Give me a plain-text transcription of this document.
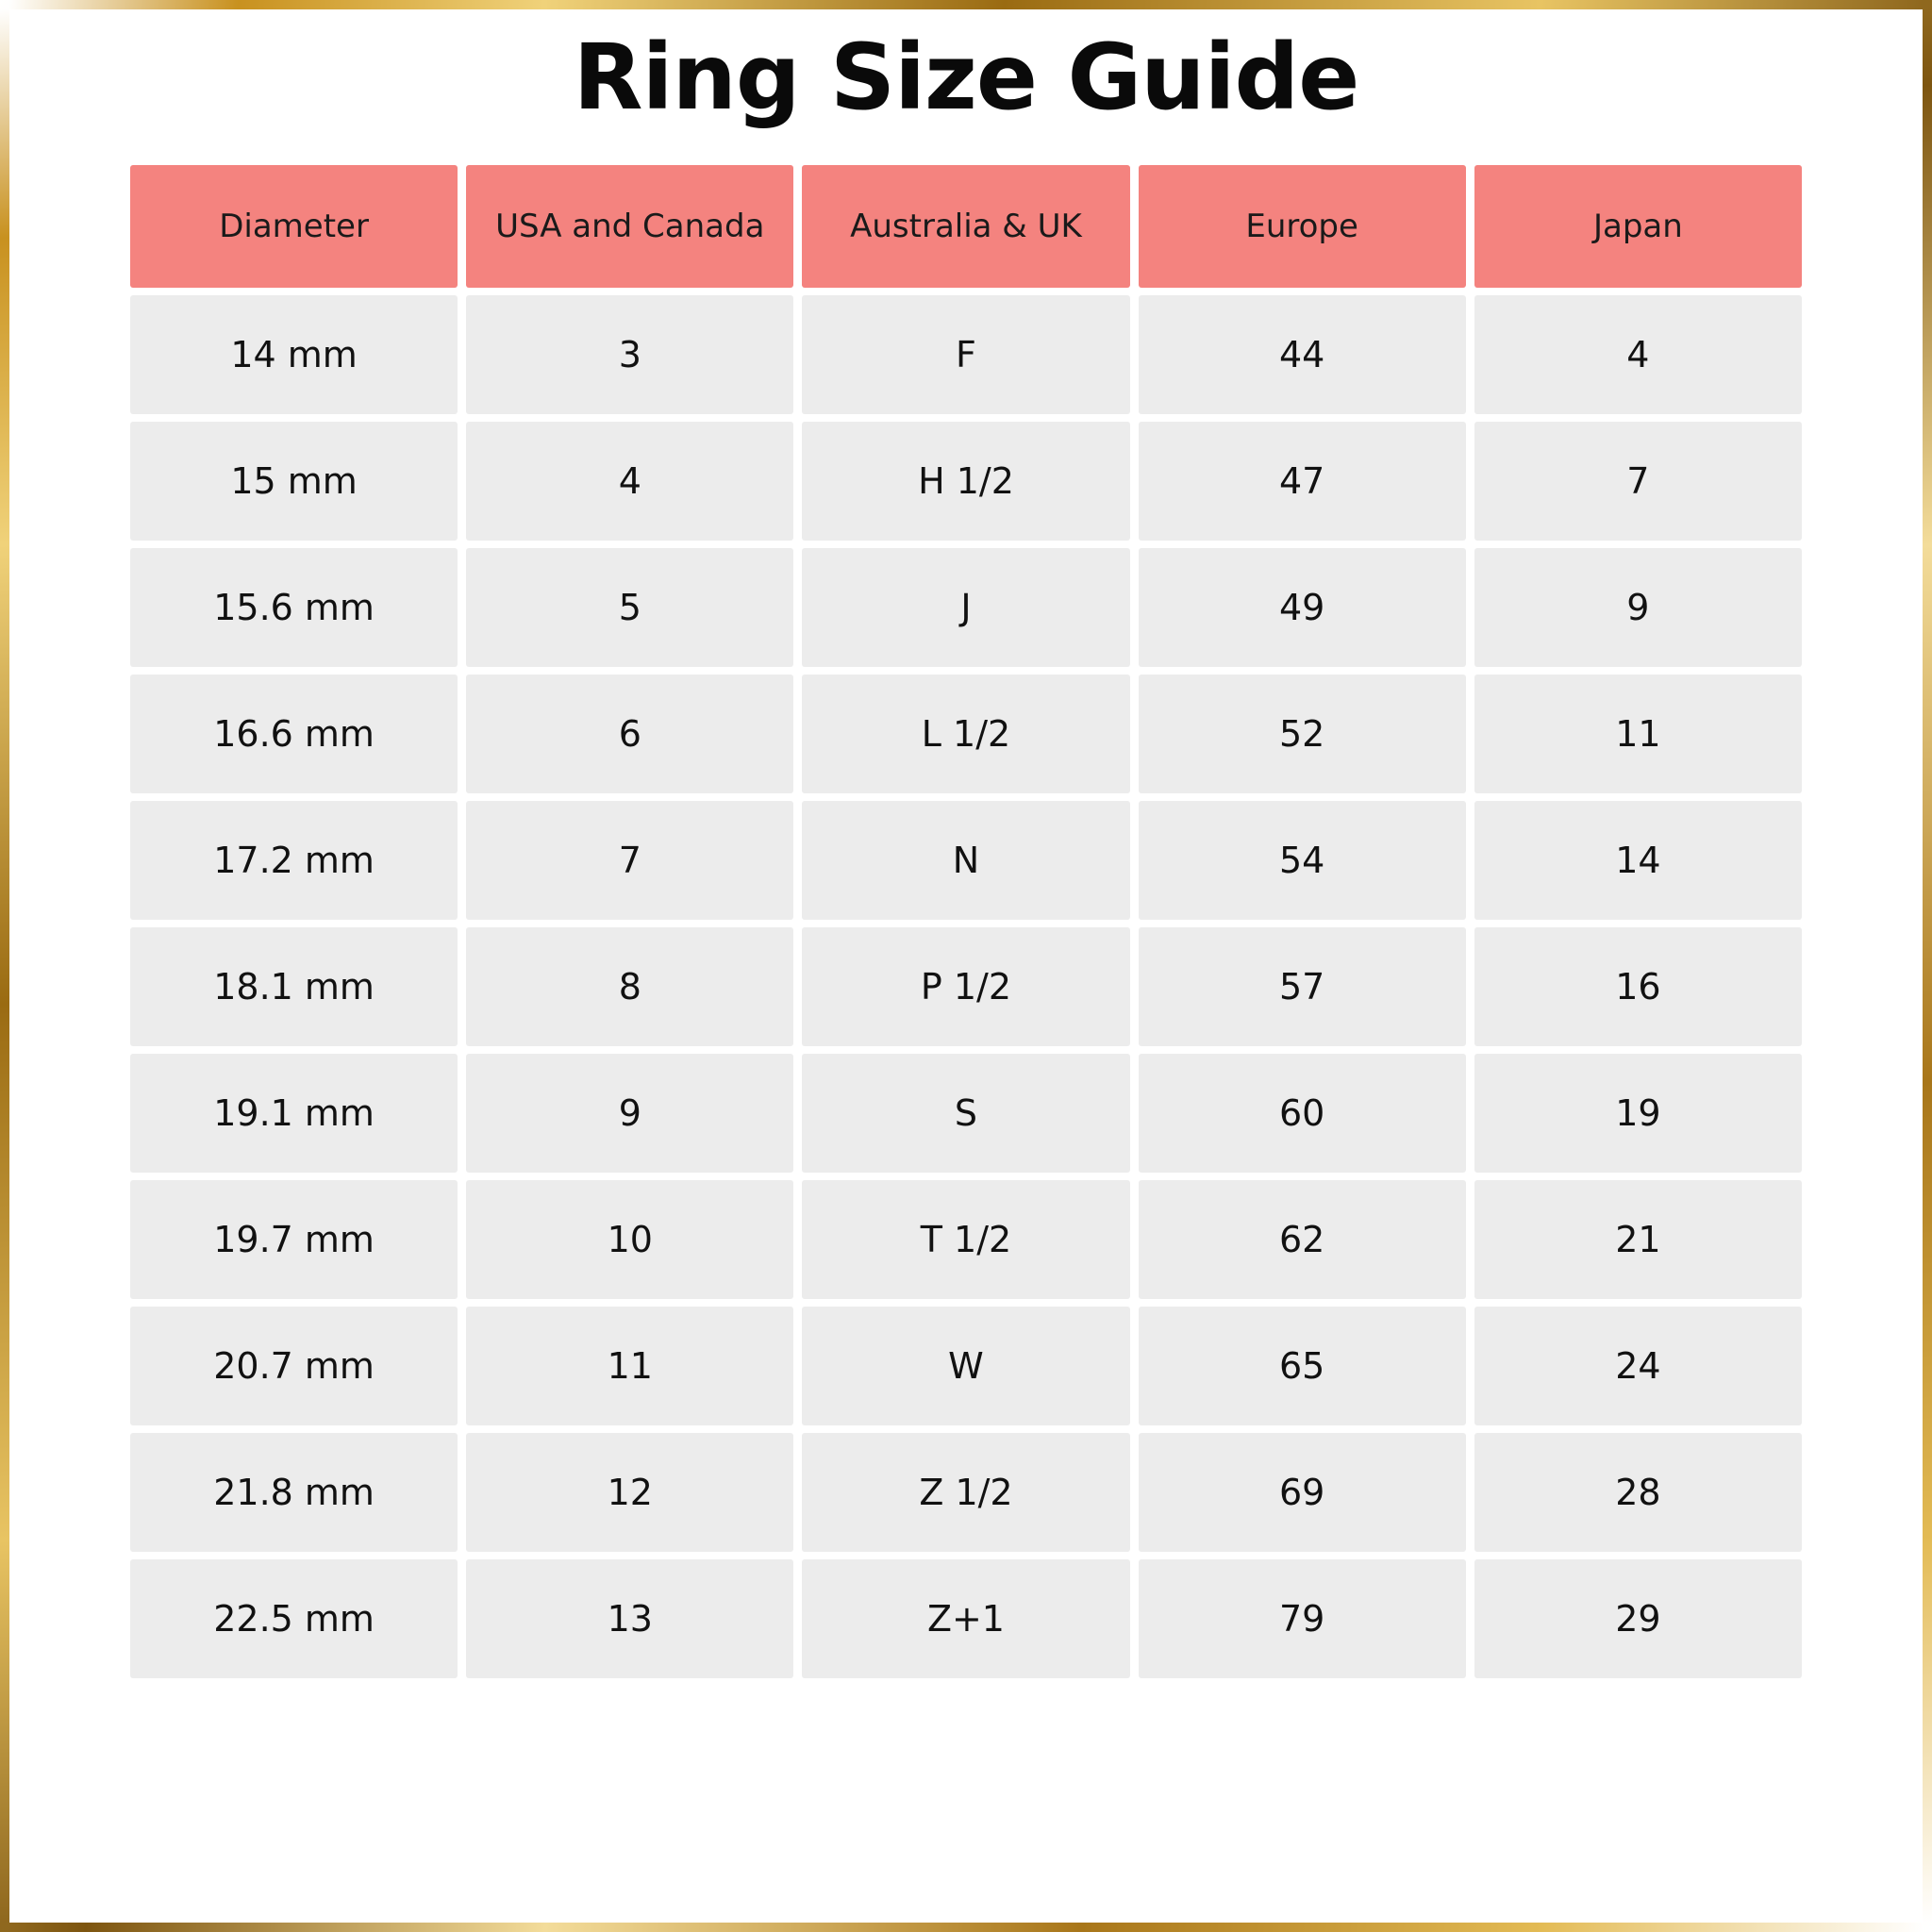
Ring Size Guide
Diameter	USA and Canada	Australia & UK	Europe	Japan
14 mm	3	F	44	4
15 mm	4	H 1/2	47	7
15.6 mm	5	J	49	9
16.6 mm	6	L 1/2	52	11
17.2 mm	7	N	54	14
18.1 mm	8	P 1/2	57	16
19.1 mm	9	S	60	19
19.7 mm	10	T 1/2	62	21
20.7 mm	11	W	65	24
21.8 mm	12	Z 1/2	69	28
22.5 mm	13	Z+1	79	29
